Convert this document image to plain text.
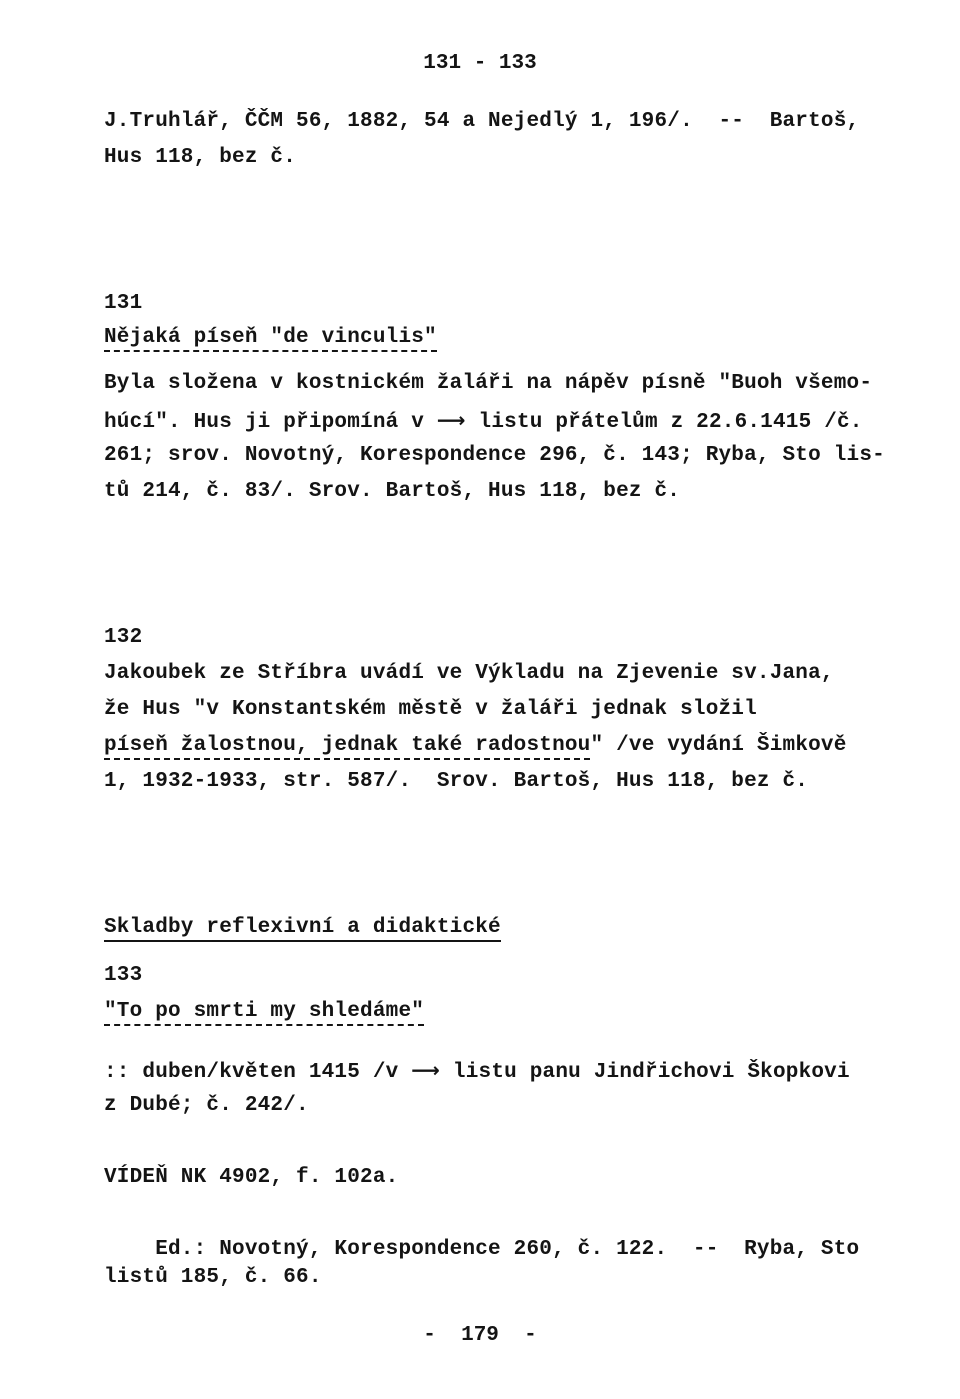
131 - 133
J.Truhlář, ČČM 56, 1882, 54 a Nejedlý 1, 196/.  --  Bartoš,
Hus 118, bez č.
131
Nějaká píseň "de vinculis"
Byla složena v kostnickém žaláři na nápěv písně "Buoh všemo-
húcí". Hus ji připomíná v ⟶ listu přátelům z 22.6.1415 /č.
261; srov. Novotný, Korespondence 296, č. 143; Ryba, Sto lis-
tů 214, č. 83/. Srov. Bartoš, Hus 118, bez č.
132
Jakoubek ze Stříbra uvádí ve Výkladu na Zjevenie sv.Jana,
že Hus "v Konstantském městě v žaláři jednak složil
píseň žalostnou, jednak také radostnou" /ve vydání Šimkově
1, 1932-1933, str. 587/.  Srov. Bartoš, Hus 118, bez č.
Skladby reflexivní a didaktické
133
"To po smrti my shledáme"
:: duben/květen 1415 /v ⟶ listu panu Jindřichovi Škopkovi
z Dubé; č. 242/.
VÍDEŇ NK 4902, f. 102a.
Ed.: Novotný, Korespondence 260, č. 122.  --  Ryba, Sto
listů 185, č. 66.
-  179  -
